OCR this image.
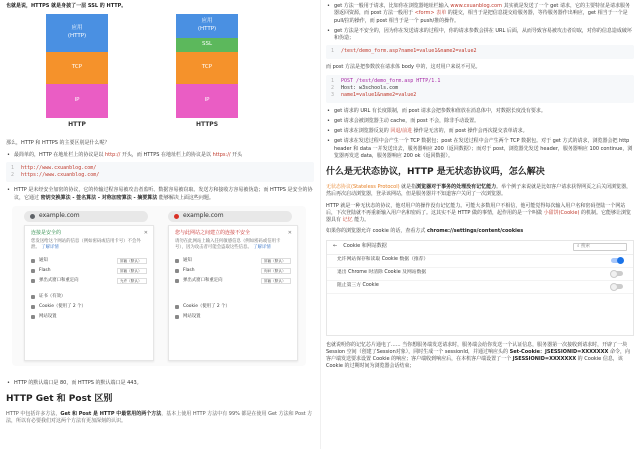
也就是说，HTTPS 就是身披了一层 SSL 的 HTTP。

应用
(HTTP)
TCP
IP
HTTP
应用
(HTTP)
SSL
TCP
IP
HTTPS

那么，HTTP 和 HTTPS 的主要区别是什么呢？

• 最简单的，HTTP 在地址栏上的协议是以 http:// 开头，而 HTTPS 在地址栏上的协议是以 https:// 开头
1 http://www.cxuanblog.com/
2 https://www.cxuanblog.com/
• HTTP 是未经安全加密的协议，它的传输过程容易被攻击者监听、数据容易被窃取、发送方和接收方容易被伪造；而 HTTPS 是安全的协议，它通过 密钥交换算法 - 签名算法 - 对称加密算法 - 摘要算法 能够解决上面这些问题。
example.com
✕
连接是安全的
您发送给这个网站的信息（例如密码或信用卡号）不会外泄。 了解详情
通知	屏蔽（默认）
Flash	屏蔽（默认）
弹出式窗口和重定向	允许（默认）
证书（有效）
Cookie（使用了 2 个）
网站设置
example.com
✕
您与此网站之间建立的连接不安全
请勿在此网站上输入任何敏感信息（例如密码或信用卡号），因为攻击者可能会盗取这些信息。 了解详情
通知	屏蔽（默认）
Flash	询问（默认）
弹出式窗口和重定向	屏蔽（默认）
Cookie（使用了 2 个）
网站设置
• HTTP 的默认端口是 80，而 HTTPS 的默认端口是 443。
HTTP Get 和 Post 区别

HTTP 中包括许多方法，Get 和 Post 是 HTTP 中最常用的两个方法，基本上使用 HTTP 方法中有 99% 都是在使用 Get 方法和 Post 方法，所以有必要我们对这两个方法有更加深刻的认识。

• get 方法一般用于请求，比如你在浏览器地址栏输入 www.cxuanblog.com 其实就是发送了一个 get 请求，它的主要特征是请求服务器返回资源，而 post 方法一般用于 <form> 表单 的提交，相当于是把信息提交给服务器，等待服务器作出响应，get 相当于一个是 pull/拉的操作，而 post 相当于是一个 push/推的操作。
• get 方法是不安全的，因为你在发送请求的过程中，你的请求参数会拼在 URL 后面，从而导致容易被攻击者窃取，对你的信息造成破坏和伪造；
1 /test/demo_form.asp?name1=value1&name2=value2

而 post 方法是把参数放在请求体 body 中的，这对用户来说不可见。

1 POST /test/demo_form.asp HTTP/1.1
2 Host: w3schools.com
3 name1=value1&name2=value2
• get 请求的 URL 有长度限制，而 post 请求会把参数和值放在消息体中，对数据长度没有要求。
• get 请求会被浏览器主动 cache，而 post 不会，除非手动设置。
• get 请求在浏览器反复的 回退/前进 操作是无害的，而 post 操作会再次提交表单请求。
• get 请求在发送过程中会产生一个 TCP 数据包；post 在发送过程中会产生两个 TCP 数据包。对于 get 方式的请求，浏览器会把 http header 和 data 一并发送出去，服务器响应 200（返回数据）；而对于 post，浏览器先发送 header，服务器响应 100 continue，浏览器再发送 data，服务器响应 200 ok（返回数据）。
什么是无状态协议，HTTP 是无状态协议吗，怎么解决

无状态协议(Stateless Protocol) 就是指浏览器对于事务的处理没有记忆能力。举个例子来说就是比如客户请求获得网页之后关闭浏览器，然后再次启动浏览器，登录该网站，但是服务器并不知道客户关闭了一次浏览器。

HTTP 就是一种无状态的协议，他对用户的操作没有记忆能力。可能大多数用户不相信，他可能觉得每次输入用户名和密码登陆一个网站后，下次登陆就不再重新输入用户名和密码了。这其实不是 HTTP 做的事情，起作用的是一个叫做 小甜饼(Cookie) 的机制。它能够让浏览器具有 记忆 能力。

如果你的浏览器允许 cookie 的话，查看方式 chrome://settings/content/cookies

← Cookie 和网站数据	⌕ 搜索
允许网站保存和读取 Cookie 数据（推荐）
退出 Chrome 时清除 Cookie 及网站数据
阻止第三方 Cookie

也就说明你的记忆芯片通电了...... 当你想服务端发送请求时，服务端会给你发送一个认证信息，服务器第一次接收到请求时，开辟了一块 Session 空间（创建了Session对象），同时生成一个 sessionId，并通过响应头的 Set-Cookie：JSESSIONID=XXXXXXX 命令，向客户端发送要求设置 Cookie 的响应；客户端收到响应后，在本机客户端设置了一个 JSESSIONID=XXXXXXX 的 Cookie 信息，该 Cookie 的过期时间为浏览器会话结束；
